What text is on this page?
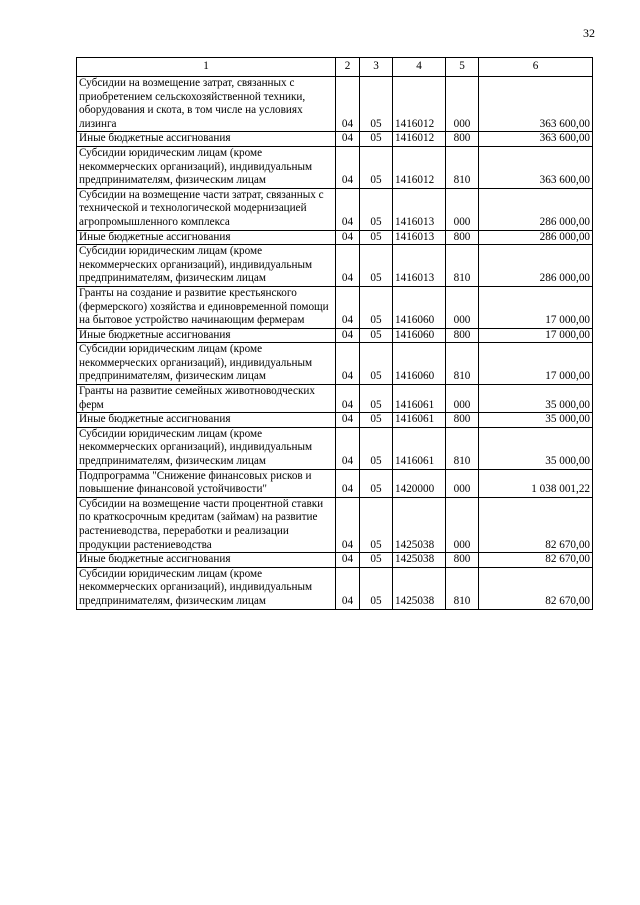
32
1	2	3	4	5	6
Субсидии на возмещение затрат, связанных с приобретением сельскохозяйственной техники, оборудования и скота, в том числе на условиях лизинга	04	05	1416012	000	363 600,00
Иные бюджетные ассигнования	04	05	1416012	800	363 600,00
Субсидии юридическим лицам (кроме некоммерческих организаций), индивидуальным предпринимателям, физическим лицам	04	05	1416012	810	363 600,00
Субсидии на возмещение части затрат, связанных с технической и технологической модернизацией агропромышленного комплекса	04	05	1416013	000	286 000,00
Иные бюджетные ассигнования	04	05	1416013	800	286 000,00
Субсидии юридическим лицам (кроме некоммерческих организаций), индивидуальным предпринимателям, физическим лицам	04	05	1416013	810	286 000,00
Гранты на создание и развитие крестьянского (фермерского) хозяйства и единовременной помощи на бытовое устройство начинающим фермерам	04	05	1416060	000	17 000,00
Иные бюджетные ассигнования	04	05	1416060	800	17 000,00
Субсидии юридическим лицам (кроме некоммерческих организаций), индивидуальным предпринимателям, физическим лицам	04	05	1416060	810	17 000,00
Гранты на развитие семейных животноводческих ферм	04	05	1416061	000	35 000,00
Иные бюджетные ассигнования	04	05	1416061	800	35 000,00
Субсидии юридическим лицам (кроме некоммерческих организаций), индивидуальным предпринимателям, физическим лицам	04	05	1416061	810	35 000,00
Подпрограмма "Снижение финансовых рисков и повышение финансовой устойчивости"	04	05	1420000	000	1 038 001,22
Субсидии на возмещение части процентной ставки по краткосрочным кредитам (займам) на развитие растениеводства, переработки и реализации продукции растениеводства	04	05	1425038	000	82 670,00
Иные бюджетные ассигнования	04	05	1425038	800	82 670,00
Субсидии юридическим лицам (кроме некоммерческих организаций), индивидуальным предпринимателям, физическим лицам	04	05	1425038	810	82 670,00
